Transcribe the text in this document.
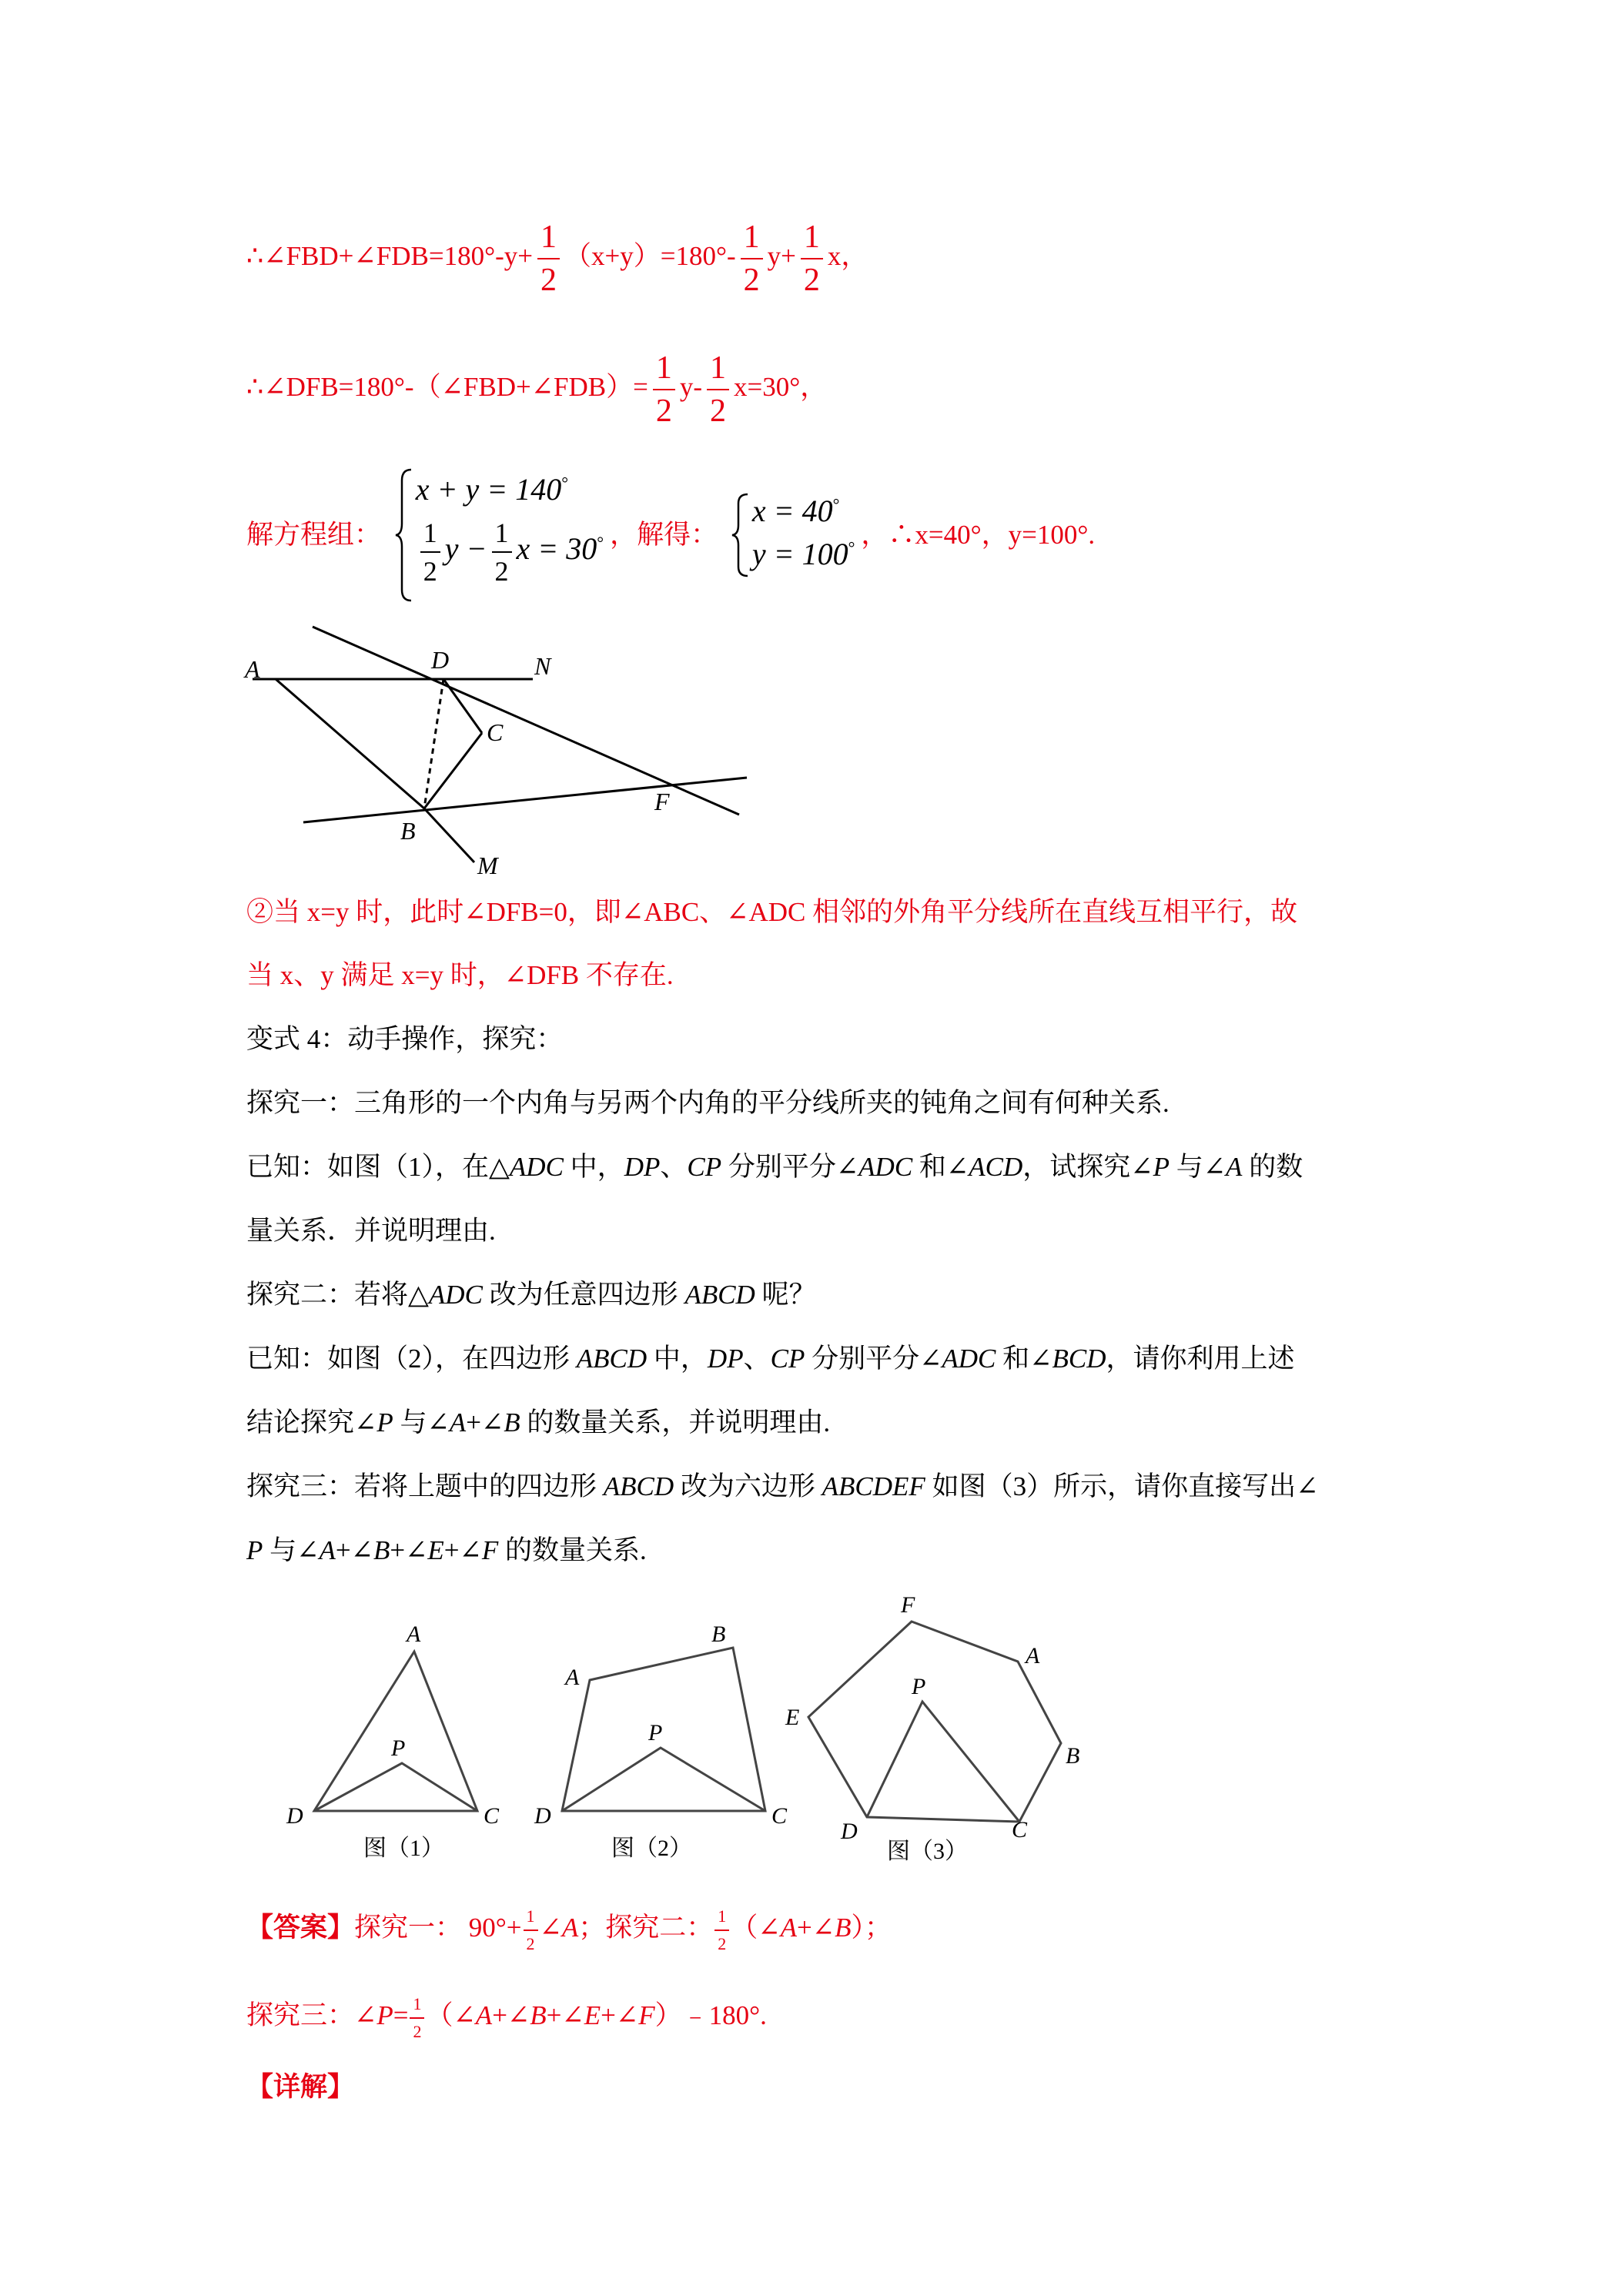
∴∠FBD+∠FDB=180°-y+ $\frac{1}{2} (x+y)=180^\circ- \frac{1}{2} y+ \frac{1}{2}$ x，
∴∠DFB=180°-（∠FBD+∠FDB）= $\frac{1}{2} y- \frac{1}{2} x=30^\circ$，
解方程组：
x + y = 140°
$\frac{1}{2}$ $y - \frac{1}{2}$ x = 30° ，解得：
x = 40°
y = 100° ，∴x=40°，y=100°.
A	D	N
C
B
F
M
②当 x=y 时，此时∠DFB=0，即∠ABC、∠ADC 相邻的外角平分线所在直线互相平行，故
当 x、y 满足 x=y 时，∠DFB 不存在.
变式 4：动手操作，探究：
探究一：三角形的一个内角与另两个内角的平分线所夹的钝角之间有何种关系.
已知：如图（1），在△ADC 中，DP、CP 分别平分∠ADC 和∠ACD，试探究∠P 与∠A 的数
量关系．并说明理由.
探究二：若将△ADC 改为任意四边形 ABCD 呢？
已知：如图（2），在四边形 ABCD 中，DP、CP 分别平分∠ADC 和∠BCD，请你利用上述
结论探究∠P 与∠A+∠B 的数量关系，并说明理由.
探究三：若将上题中的四边形 ABCD 改为六边形 ABCDEF 如图（3）所示，请你直接写出∠
P 与∠A+∠B+∠E+∠F 的数量关系.
A
P
D	C
图（1）
A
B
P
D	C
图（2）
F
A
E
P
B
D	C
图（3）
【答案】探究一： $90^\circ+ \frac{1}{2}$ ∠A；探究二： $\frac{1}{2}$ （∠A+∠B）；
探究三：∠P= $\frac{1}{2}$ （∠A+∠B+∠E+∠F）﹣180°.
【详解】
